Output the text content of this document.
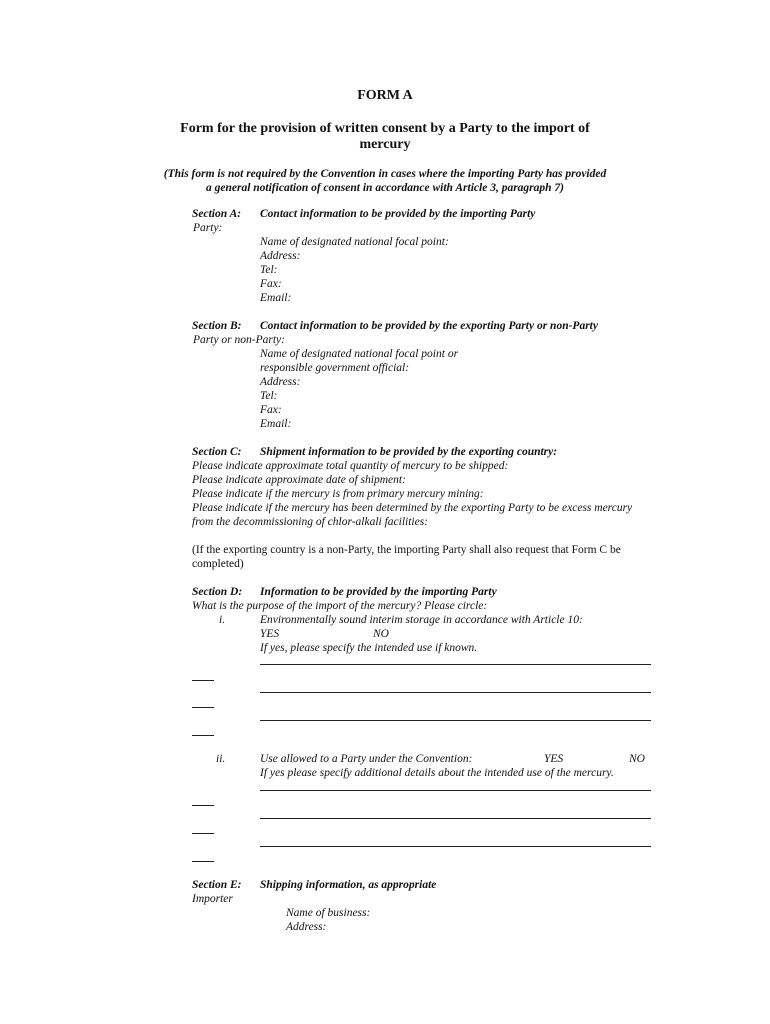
FORM A
Form for the provision of written consent by a Party to the import of
mercury
(This form is not required by the Convention in cases where the importing Party has provided
a general notification of consent in accordance with Article 3, paragraph 7)
Section A: Contact information to be provided by the importing Party
Party:
Name of designated national focal point:
Address:
Tel:
Fax:
Email:
Section B: Contact information to be provided by the exporting Party or non-Party
Party or non-Party:
Name of designated national focal point or
responsible government official:
Address:
Tel:
Fax:
Email:
Section C: Shipment information to be provided by the exporting country:
Please indicate approximate total quantity of mercury to be shipped:
Please indicate approximate date of shipment:
Please indicate if the mercury is from primary mercury mining:
Please indicate if the mercury has been determined by the exporting Party to be excess mercury
from the decommissioning of chlor-alkali facilities:
(If the exporting country is a non-Party, the importing Party shall also request that Form C be
completed)
Section D: Information to be provided by the importing Party
What is the purpose of the import of the mercury? Please circle:
i.	Environmentally sound interim storage in accordance with Article 10:
YES	NO
If yes, please specify the intended use if known.
ii.	Use allowed to a Party under the Convention:	YES	NO
If yes please specify additional details about the intended use of the mercury.
Section E: Shipping information, as appropriate
Importer
Name of business:
Address:
